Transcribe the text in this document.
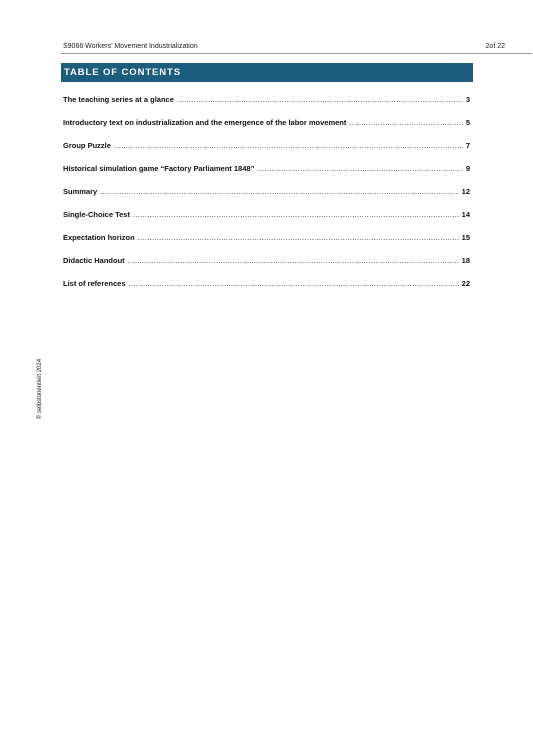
S9066 Workers’ Movement Industrialization	2of 22
TABLE OF CONTENTS
The teaching series at a glance .....	3
Introductory text on industrialization and the emergence of the labor movement .....	5
Group Puzzle .....	7
Historical simulation game “Factory Parliament 1848” .....	9
Summary .....	12
Single-Choice Test .....	14
Expectation horizon .....	15
Didactic Handout .....	18
List of references .....	22
© selbstorientiert 2024
